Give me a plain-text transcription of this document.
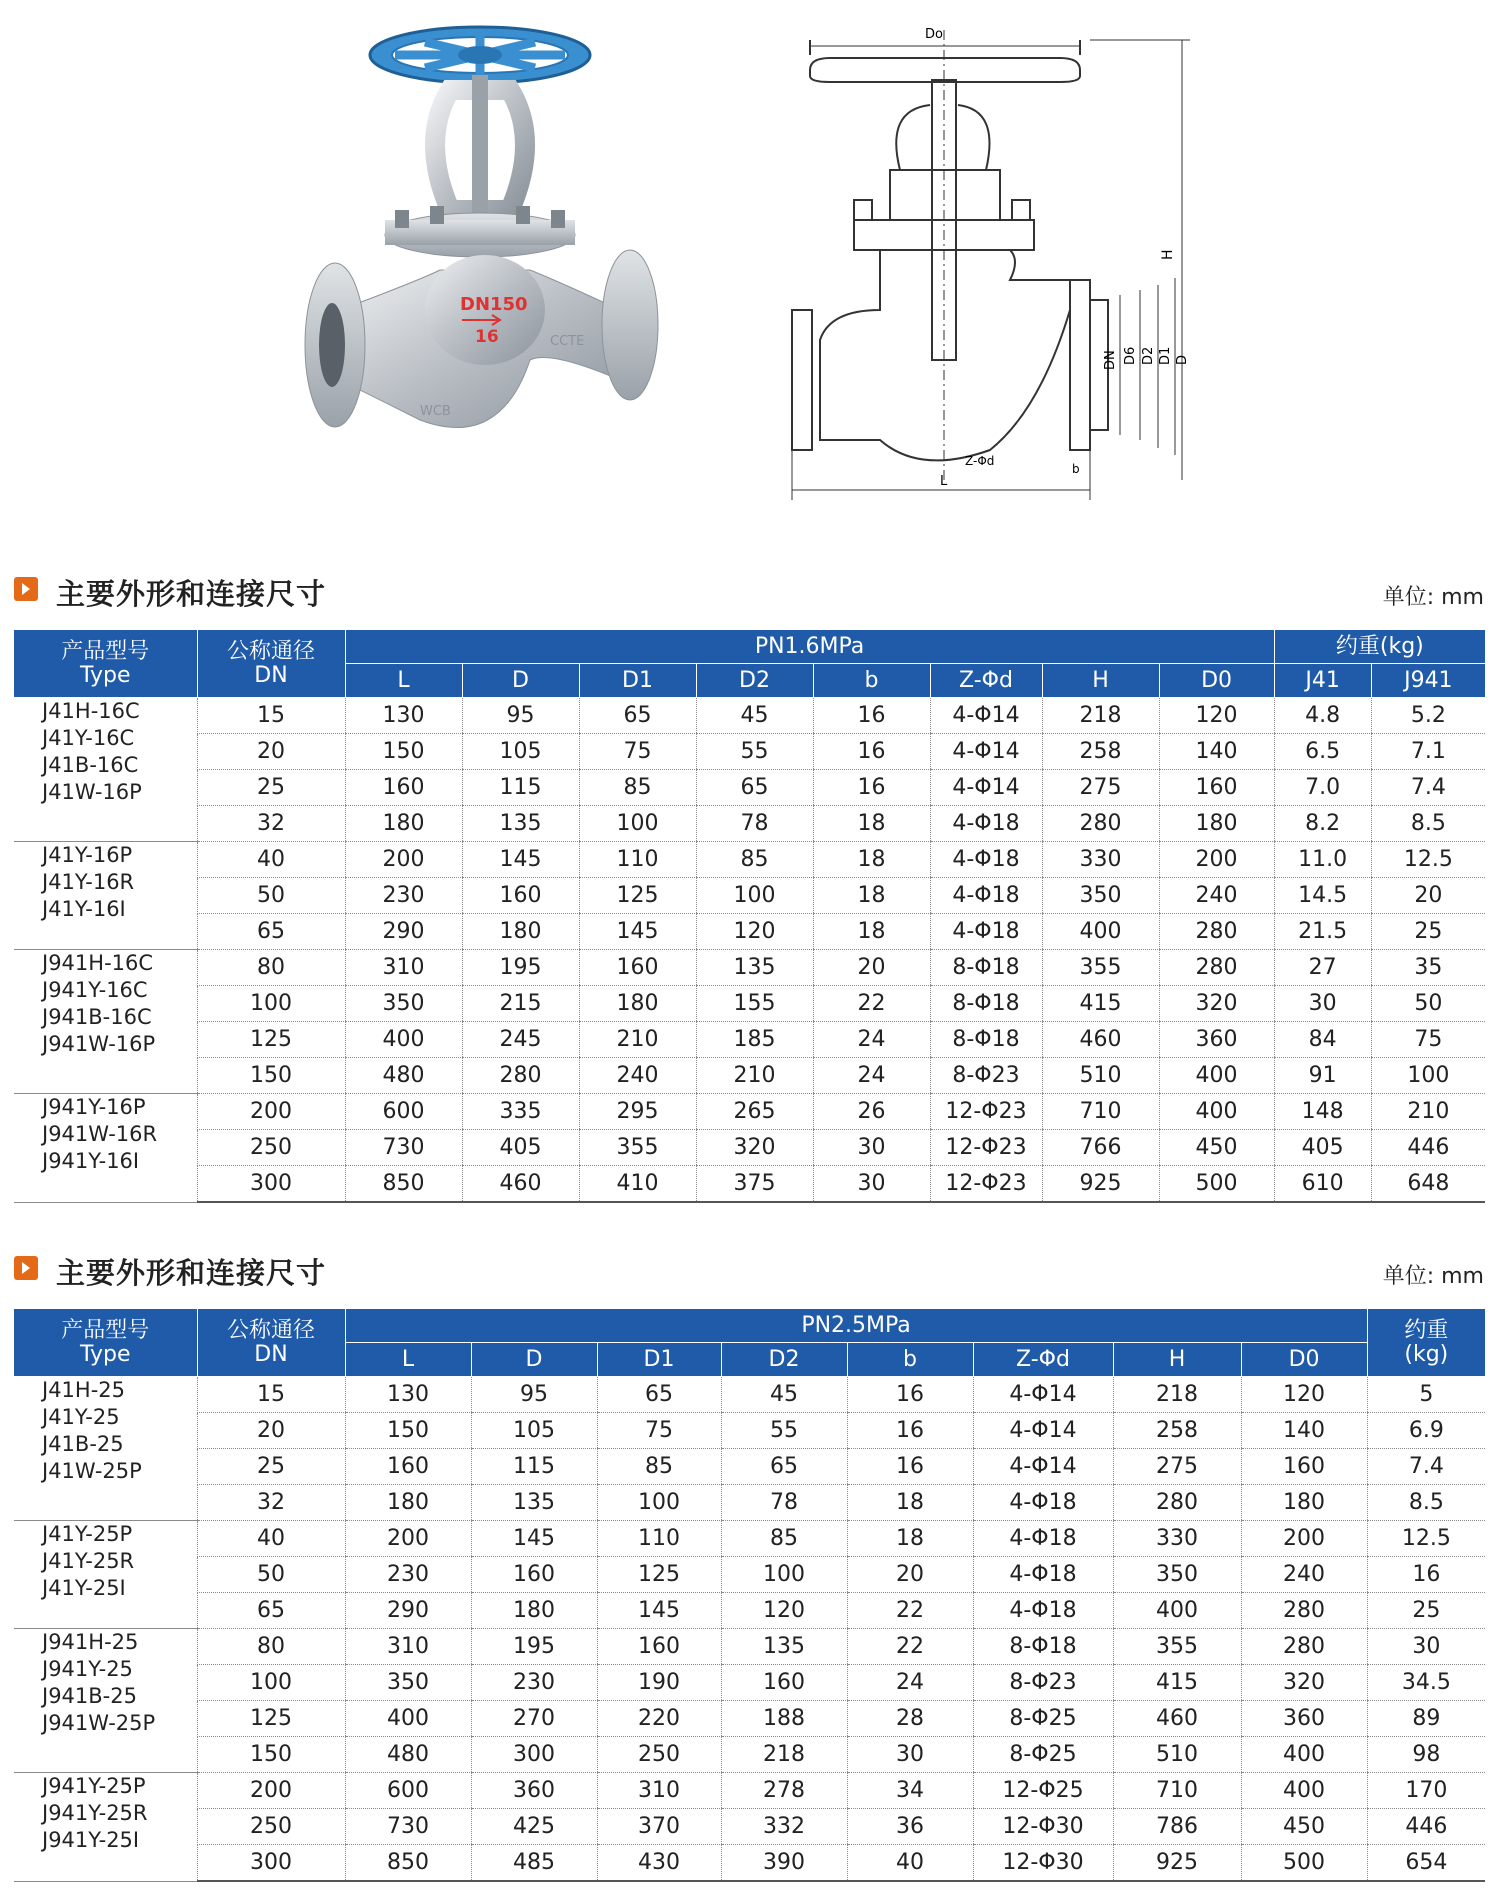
DN150
16
WCB
CCTE
Do
H
DN D6 D2 D1 D
Z-Φd
b
L
主要外形和连接尺寸	单位: mm
产品型号
Type	公称通径
DN	PN1.6MPa								约重(kg)	
		L	D	D1	D2	b	Z-Φd	H	D0	J41	J941

J41H-16C
J41Y-16C
J41B-16C
J41W-16P	15	130	95	65	45	16	4-Φ14	218	120	4.8	5.2
	20	150	105	75	55	16	4-Φ14	258	140	6.5	7.1
	25	160	115	85	65	16	4-Φ14	275	160	7.0	7.4
	32	180	135	100	78	18	4-Φ18	280	180	8.2	8.5

J41Y-16P
J41Y-16R
J41Y-16I	40	200	145	110	85	18	4-Φ18	330	200	11.0	12.5
	50	230	160	125	100	18	4-Φ18	350	240	14.5	20
	65	290	180	145	120	18	4-Φ18	400	280	21.5	25

J941H-16C
J941Y-16C
J941B-16C
J941W-16P	80	310	195	160	135	20	8-Φ18	355	280	27	35
	100	350	215	180	155	22	8-Φ18	415	320	30	50
	125	400	245	210	185	24	8-Φ18	460	360	84	75
	150	480	280	240	210	24	8-Φ23	510	400	91	100

J941Y-16P
J941W-16R
J941Y-16I	200	600	335	295	265	26	12-Φ23	710	400	148	210
	250	730	405	355	320	30	12-Φ23	766	450	405	446
	300	850	460	410	375	30	12-Φ23	925	500	610	648
主要外形和连接尺寸	单位: mm
产品型号
Type	公称通径
DN	PN2.5MPa								约重
(kg)
		L	D	D1	D2	b	Z-Φd	H	D0	

J41H-25
J41Y-25
J41B-25
J41W-25P	15	130	95	65	45	16	4-Φ14	218	120	5
	20	150	105	75	55	16	4-Φ14	258	140	6.9
	25	160	115	85	65	16	4-Φ14	275	160	7.4
	32	180	135	100	78	18	4-Φ18	280	180	8.5

J41Y-25P
J41Y-25R
J41Y-25I	40	200	145	110	85	18	4-Φ18	330	200	12.5
	50	230	160	125	100	20	4-Φ18	350	240	16
	65	290	180	145	120	22	4-Φ18	400	280	25

J941H-25
J941Y-25
J941B-25
J941W-25P	80	310	195	160	135	22	8-Φ18	355	280	30
	100	350	230	190	160	24	8-Φ23	415	320	34.5
	125	400	270	220	188	28	8-Φ25	460	360	89
	150	480	300	250	218	30	8-Φ25	510	400	98

J941Y-25P
J941Y-25R
J941Y-25I	200	600	360	310	278	34	12-Φ25	710	400	170
	250	730	425	370	332	36	12-Φ30	786	450	446
	300	850	485	430	390	40	12-Φ30	925	500	654
